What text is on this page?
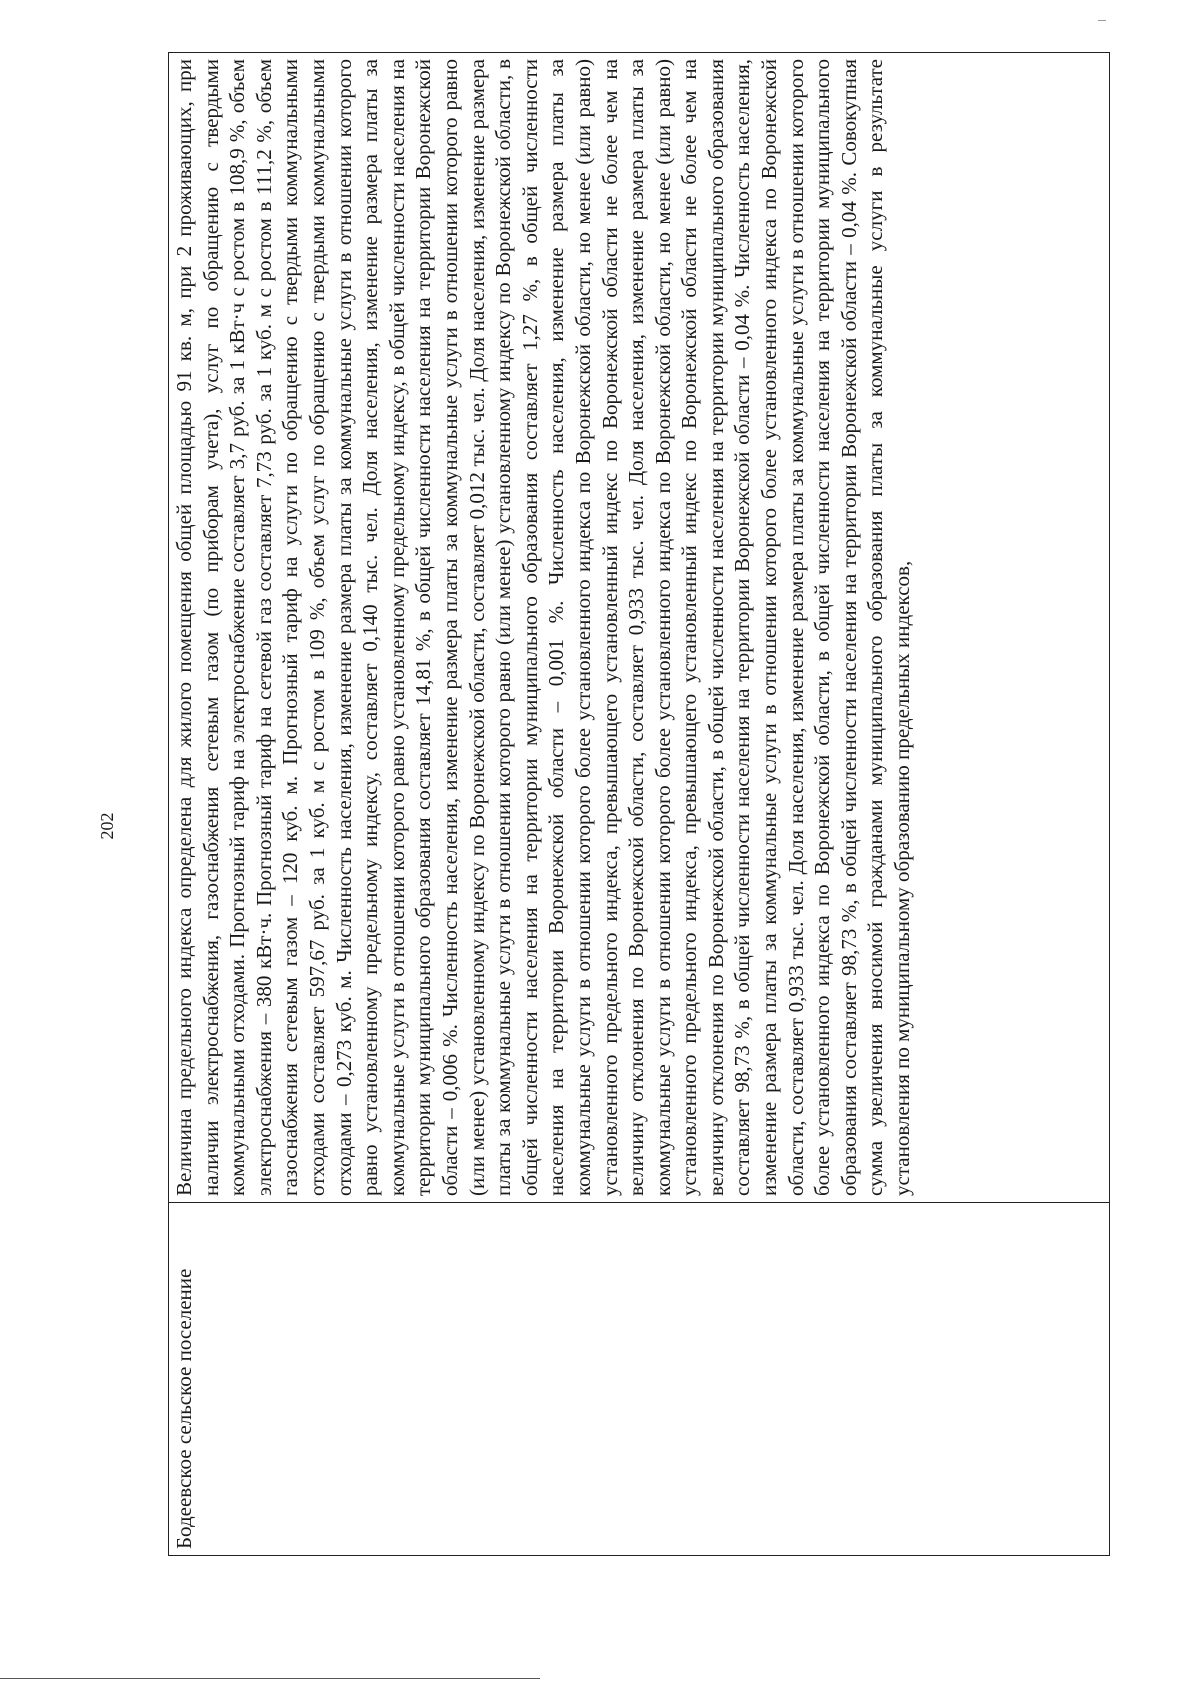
202
Бодеевское сельское поселение	Величина предельного индекса определена для жилого помещения общей площадью 91 кв. м, при 2 проживающих, при наличии электроснабжения, газоснабжения сетевым газом (по приборам учета), услуг по обращению с твердыми коммунальными отходами. Прогнозный тариф на электроснабжение составляет 3,7 руб. за 1 кВт·ч с ростом в 108,9 %, объем электроснабжения – 380 кВт·ч. Прогнозный тариф на сетевой газ составляет 7,73 руб. за 1 куб. м с ростом в 111,2 %, объем газоснабжения сетевым газом – 120 куб. м. Прогнозный тариф на услуги по обращению с твердыми коммунальными отходами составляет 597,67 руб. за 1 куб. м с ростом в 109 %, объем услуг по обращению с твердыми коммунальными отходами – 0,273 куб. м. Численность населения, изменение размера платы за коммунальные услуги в отношении которого равно установленному предельному индексу, составляет 0,140 тыс. чел. Доля населения, изменение размера платы за коммунальные услуги в отношении которого равно установленному предельному индексу, в общей численности населения на территории муниципального образования составляет 14,81 %, в общей численности населения на территории Воронежской области – 0,006 %. Численность населения, изменение размера платы за коммунальные услуги в отношении которого равно (или менее) установленному индексу по Воронежской области, составляет 0,012 тыс. чел. Доля населения, изменение размера платы за коммунальные услуги в отношении которого равно (или менее) установленному индексу по Воронежской области, в общей численности населения на территории муниципального образования составляет 1,27 %, в общей численности населения на территории Воронежской области – 0,001 %. Численность населения, изменение размера платы за коммунальные услуги в отношении которого более установленного индекса по Воронежской области, но менее (или равно) установленного предельного индекса, превышающего установленный индекс по Воронежской области не более чем на величину отклонения по Воронежской области, составляет 0,933 тыс. чел. Доля населения, изменение размера платы за коммунальные услуги в отношении которого более установленного индекса по Воронежской области, но менее (или равно) установленного предельного индекса, превышающего установленный индекс по Воронежской области не более чем на величину отклонения по Воронежской области, в общей численности населения на территории муниципального образования составляет 98,73 %, в общей численности населения на территории Воронежской области – 0,04 %. Численность населения, изменение размера платы за коммунальные услуги в отношении которого более установленного индекса по Воронежской области, составляет 0,933 тыс. чел. Доля населения, изменение размера платы за коммунальные услуги в отношении которого более установленного индекса по Воронежской области, в общей численности населения на территории муниципального образования составляет 98,73 %, в общей численности населения на территории Воронежской области – 0,04 %. Совокупная сумма увеличения вносимой гражданами муниципального образования платы за коммунальные услуги в результате установления по муниципальному образованию предельных индексов,
